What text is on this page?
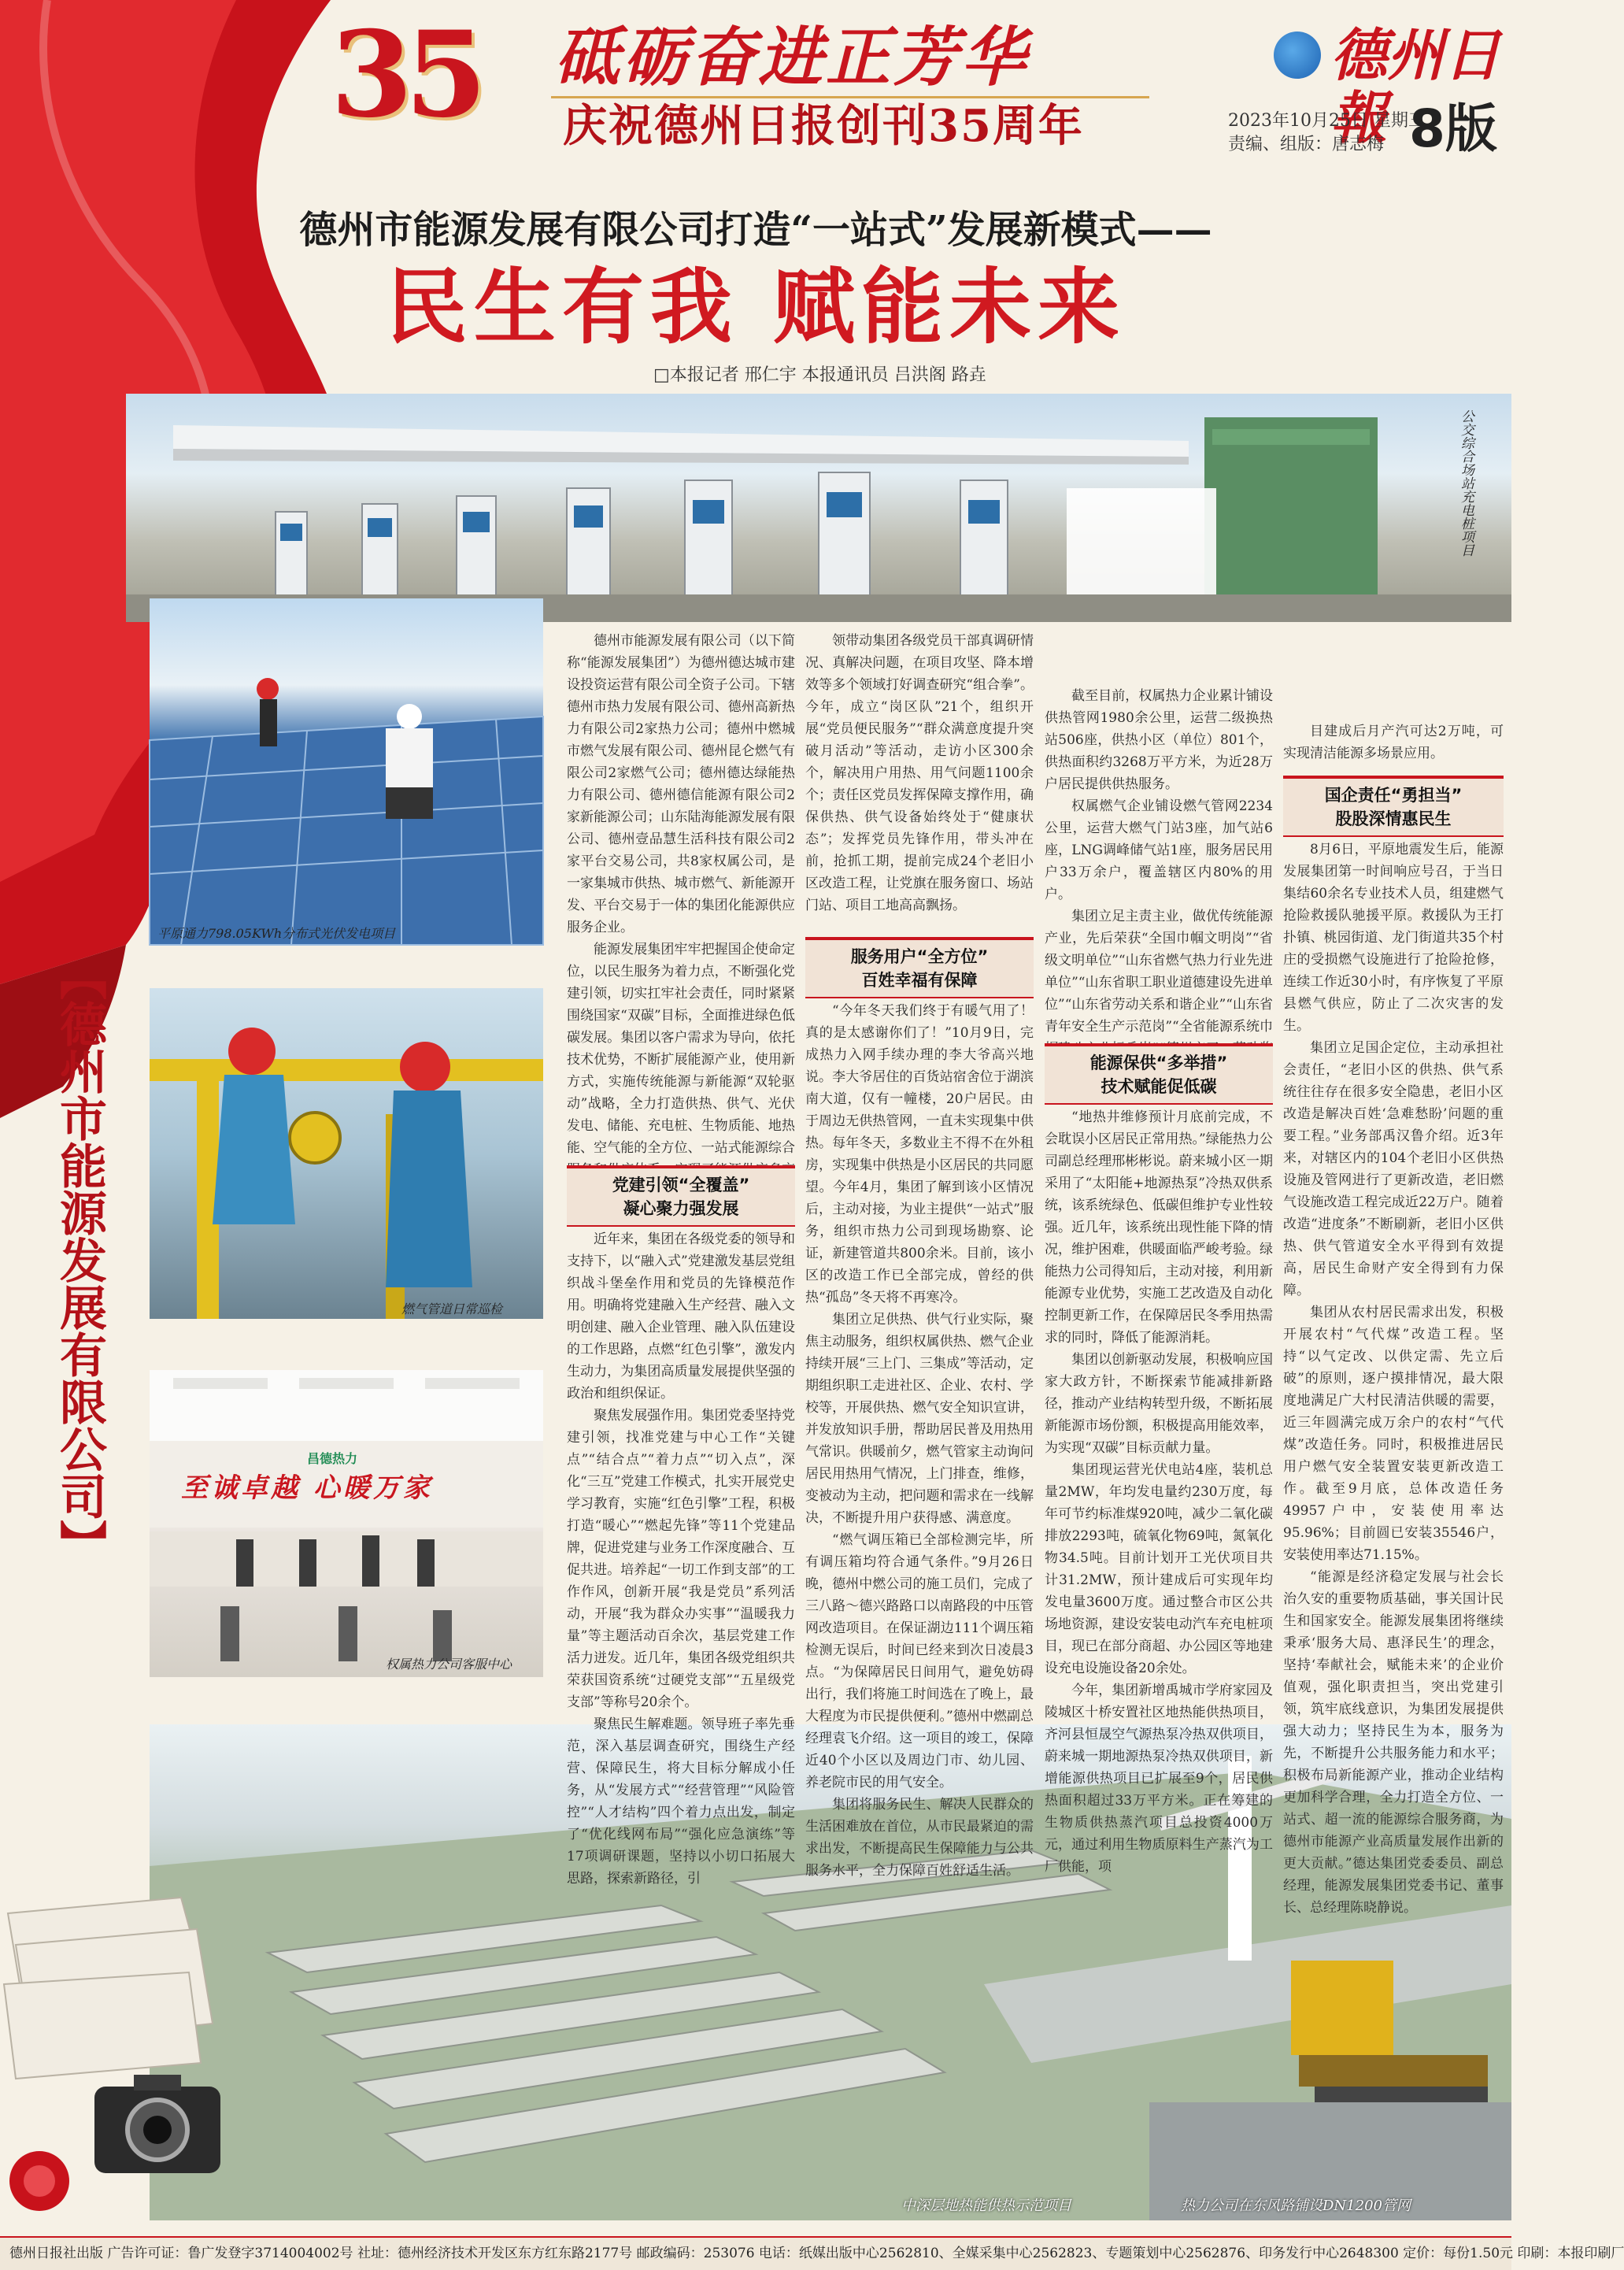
35 砥砺奋进正芳华
庆祝德州日报创刊35周年
德州日報
2023年10月25日 星期三
责编、组版：唐志梅 8版
德州市能源发展有限公司打造“一站式”发展新模式——
民生有我 赋能未来
□本报记者 邢仁宇 本报通讯员 吕洪阁 路垚
公交综合场站充电桩项目
平原通力798.05KWh分布式光伏发电项目
燃气管道日常巡检
昌德热力
至诚卓越 心暖万家
权属热力公司客服中心
中深层地热能供热示范项目	热力公司在东风路铺设DN1200管网
【德州市能源发展有限公司】

德州市能源发展有限公司（以下简称“能源发展集团”）为德州德达城市建设投资运营有限公司全资子公司。下辖德州市热力发展有限公司、德州高新热力有限公司2家热力公司；德州中燃城市燃气发展有限公司、德州昆仑燃气有限公司2家燃气公司；德州德达绿能热力有限公司、德州德信能源有限公司2家新能源公司；山东陆海能源发展有限公司、德州壹品慧生活科技有限公司2家平台交易公司，共8家权属公司，是一家集城市供热、城市燃气、新能源开发、平台交易于一体的集团化能源供应服务企业。

能源发展集团牢牢把握国企使命定位，以民生服务为着力点，不断强化党建引领，切实扛牢社会责任，同时紧紧围绕国家“双碳”目标，全面推进绿色低碳发展。集团以客户需求为导向，依托技术优势，不断扩展能源产业，使用新方式，实施传统能源与新能源“双轮驱动”战略，全力打造供热、供气、光伏发电、储能、充电桩、生物质能、地热能、空气能的全方位、一站式能源综合

党建引领“全覆盖”
凝心聚力强发展

近年来，集团在各级党委的领导和支持下，以“融入式”党建激发基层党组织战斗堡垒作用和党员的先锋模范作用。明确将党建融入生产经营、融入文明创建、融入企业管理、融入队伍建设的工作思路，点燃“红色引擎”，激发内生动力，为集团高质量发展提供坚强的政治和组织保证。

聚焦发展强作用。集团党委坚持党建引领，找准党建与中心工作“关键点”“结合点”“着力点”“切入点”，深化“三互”党建工作模式，扎实开展党史学习教育，实施“红色引擎”工程，积极打造“暖心”“燃起先锋”等11个党建品牌，促进党建与业务工作深度融合、互促共进。培养起“一切工作到支部”的工作作风，创新开展“我是党员”系列活动，开展“我为群众办实事”“温暖我力量”等主题活动百余次，基层党建工作活力迸发。近几年，集团各级党组织共荣获国资系统“过硬党支部”“五星级党支部”等称号20余个。

聚焦民生解难题。领导班子率先垂范，深入基层调查研究，围绕生产经营、保障民生，将大目标分解成小任务，从“发展方式”“经营管理”“风险管控”“人才结构”四个着力点出发，制定了“优化线网布局”“强化应急演练”等17项调研课题，坚持以小切口拓展大思路，探索新路径，引

领带动集团各级党员干部真调研情况、真解决问题，在项目攻坚、降本增效等多个领域打好调查研究“组合拳”。今年，成立“岗区队”21个，组织开展“党员便民服务”“群众满意度提升突破月活动”等活动，走访小区300余个，解决用户用热、用气问题1100余个；责任区党员发挥保障支撑作用，确保供热、供气设备始终处于“健康状态”；发挥党员先锋作用，带头冲在前，抢抓工期，提前完成24个老旧小区改造工程，让党旗在服务窗口、场站门站、项目工地高高飘扬。

服务用户“全方位”
百姓幸福有保障

“今年冬天我们终于有暖气用了！真的是太感谢你们了！”10月9日，完成热力入网手续办理的李大爷高兴地说。李大爷居住的百货站宿舍位于湖滨南大道，仅有一幢楼，20户居民。由于周边无供热管网，一直未实现集中供热。每年冬天，多数业主不得不在外租房，实现集中供热是小区居民的共同愿望。今年4月，集团了解到该小区情况后，主动对接，为业主提供“一站式”服务，组织市热力公司到现场勘察、论证，新建管道共800余米。目前，该小区的改造工作已全部完成，曾经的供热“孤岛”冬天将不再寒冷。

集团立足供热、供气行业实际，聚焦主动服务，组织权属供热、燃气企业持续开展“三上门、三集成”等活动，定期组织职工走进社区、企业、农村、学校等，开展供热、燃气安全知识宣讲，并发放知识手册，帮助居民普及用热用气常识。供暖前夕，燃气管家主动询问居民用热用气情况，上门排查，维修，变被动为主动，把问题和需求在一线解决，不断提升用户获得感、满意度。

“燃气调压箱已全部检测完毕，所有调压箱均符合通气条件。”9月26日晚，德州中燃公司的施工员们，完成了三八路～德兴路路口以南路段的中压管网改造项目。在保证湖边111个调压箱检测无误后，时间已经来到次日凌晨3点。“为保障居民日间用气，避免妨碍出行，我们将施工时间选在了晚上，最大程度为市民提供便利。”德州中燃副总经理袁飞介绍。这一项目的竣工，保障近40个小区以及周边门市、幼儿园、养老院市民的用气安全。

集团将服务民生、解决人民群众的生活困难放在首位，从市民最紧迫的需求出发，不断提高民生保障能力与公共服务水平，全力保障百姓舒适生活。

截至目前，权属热力企业累计铺设供热管网1980余公里，运营二级换热站506座，供热小区（单位）801个，供热面积约3268万平方米，为近28万户居民提供供热服务。

权属燃气企业铺设燃气管网2234公里，运营大燃气门站3座，加气站6座，LNG调峰储气站1座，服务居民用户33万余户，覆盖辖区内80%的用户。

集团立足主责主业，做优传统能源产业，先后荣获“全国巾帼文明岗”“省级文明单位”“山东省燃气热力行业先进单位”“山东省职工职业道德建设先进单位”“山东省劳动关系和谐企业”“山东省青年安全生产示范岗”“全省能源系统巾

能源保供“多举措”
技术赋能促低碳

“地热井维修预计月底前完成，不会耽误小区居民正常用热。”绿能热力公司副总经理邢彬彬说。蔚来城小区一期采用了“太阳能+地源热泵”冷热双供系统，该系统绿色、低碳但维护专业性较强。近几年，该系统出现性能下降的情况，维护困难，供暖面临严峻考验。绿能热力公司得知后，主动对接，利用新能源专业优势，实施工艺改造及自动化控制更新工作，在保障居民冬季用热需求的同时，降低了能源消耗。

集团以创新驱动发展，积极响应国家大政方针，不断探索节能减排新路径，推动产业结构转型升级，不断拓展新能源市场份额，积极提高用能效率，为实现“双碳”目标贡献力量。

集团现运营光伏电站4座，装机总量2MW，年均发电量约230万度，每年可节约标准煤920吨，减少二氧化碳排放2293吨，硫氧化物69吨，氮氧化物34.5吨。目前计划开工光伏项目共计31.2MW，预计建成后可实现年均发电量3600万度。通过整合市区公共场地资源，建设安装电动汽车充电桩项目，现已在部分商超、办公园区等地建设充电设施设备20余处。

今年，集团新增禹城市学府家园及陵城区十桥安置社区地热能供热项目，齐河县恒晟空气源热泵冷热双供项目，蔚来城一期地源热泵冷热双供项目，新增能源供热项目已扩展至9个，居民供热面积超过33万平方米。正在筹建的生物质供热蒸汽项目总投资4000万元，通过利用生物质原料生产蒸汽为工厂供能，项

目建成后月产汽可达2万吨，可实现清洁能源多场景应用。

国企责任“勇担当”
股股深情惠民生

8月6日，平原地震发生后，能源发展集团第一时间响应号召，于当日集结60余名专业技术人员，组建燃气抢险救援队驰援平原。救援队为王打扑镇、桃园街道、龙门街道共35个村庄的受损燃气设施进行了抢险抢修，连续工作近30小时，有序恢复了平原县燃气供应，防止了二次灾害的发生。

集团立足国企定位，主动承担社会责任，“老旧小区的供热、供气系统往往存在很多安全隐患，老旧小区改造是解决百姓‘急难愁盼’问题的重要工程。”业务部禹汉鲁介绍。近3年来，对辖区内的104个老旧小区供热设施及管网进行了更新改造，老旧燃气设施改造工程完成近22万户。随着改造“进度条”不断刷新，老旧小区供热、供气管道安全水平得到有效提高，居民生命财产安全得到有力保障。

集团从农村居民需求出发，积极开展农村“气代煤”改造工程。坚持“以气定改、以供定需、先立后破”的原则，逐户摸排情况，最大限度地满足广大村民清洁供暖的需要，近三年圆满完成万余户的农村“气代煤”改造任务。同时，积极推进居民用户燃气安全装置安装更新改造工作。截至9月底，总体改造任务49957户中，安装使用率达95.96%；目前圆已安装35546户，安装使用率达71.15%。

“能源是经济稳定发展与社会长治久安的重要物质基础，事关国计民生和国家安全。能源发展集团将继续秉承‘服务大局、惠泽民生’的理念，坚持‘奉献社会，赋能未来’的企业价值观，强化职责担当，突出党建引领，筑牢底线意识，为集团发展提供强大动力；坚持民生为本，服务为先，不断提升公共服务能力和水平；积极布局新能源产业，推动企业结构更加科学合理，全力打造全方位、一站式、超一流的能源综合服务商，为德州市能源产业高质量发展作出新的更大贡献。”德达集团党委委员、副总经理，能源发展集团党委书记、董事长、总经理陈晓静说。

德州日报社出版 广告许可证：鲁广发登字3714004002号 社址：德州经济技术开发区东方红东路2177号 邮政编码：253076 电话：纸媒出版中心2562810、全媒采集中心2562823、专题策划中心2562876、印务发行中心2648300 定价：每份1.50元 印刷：本报印刷厂
